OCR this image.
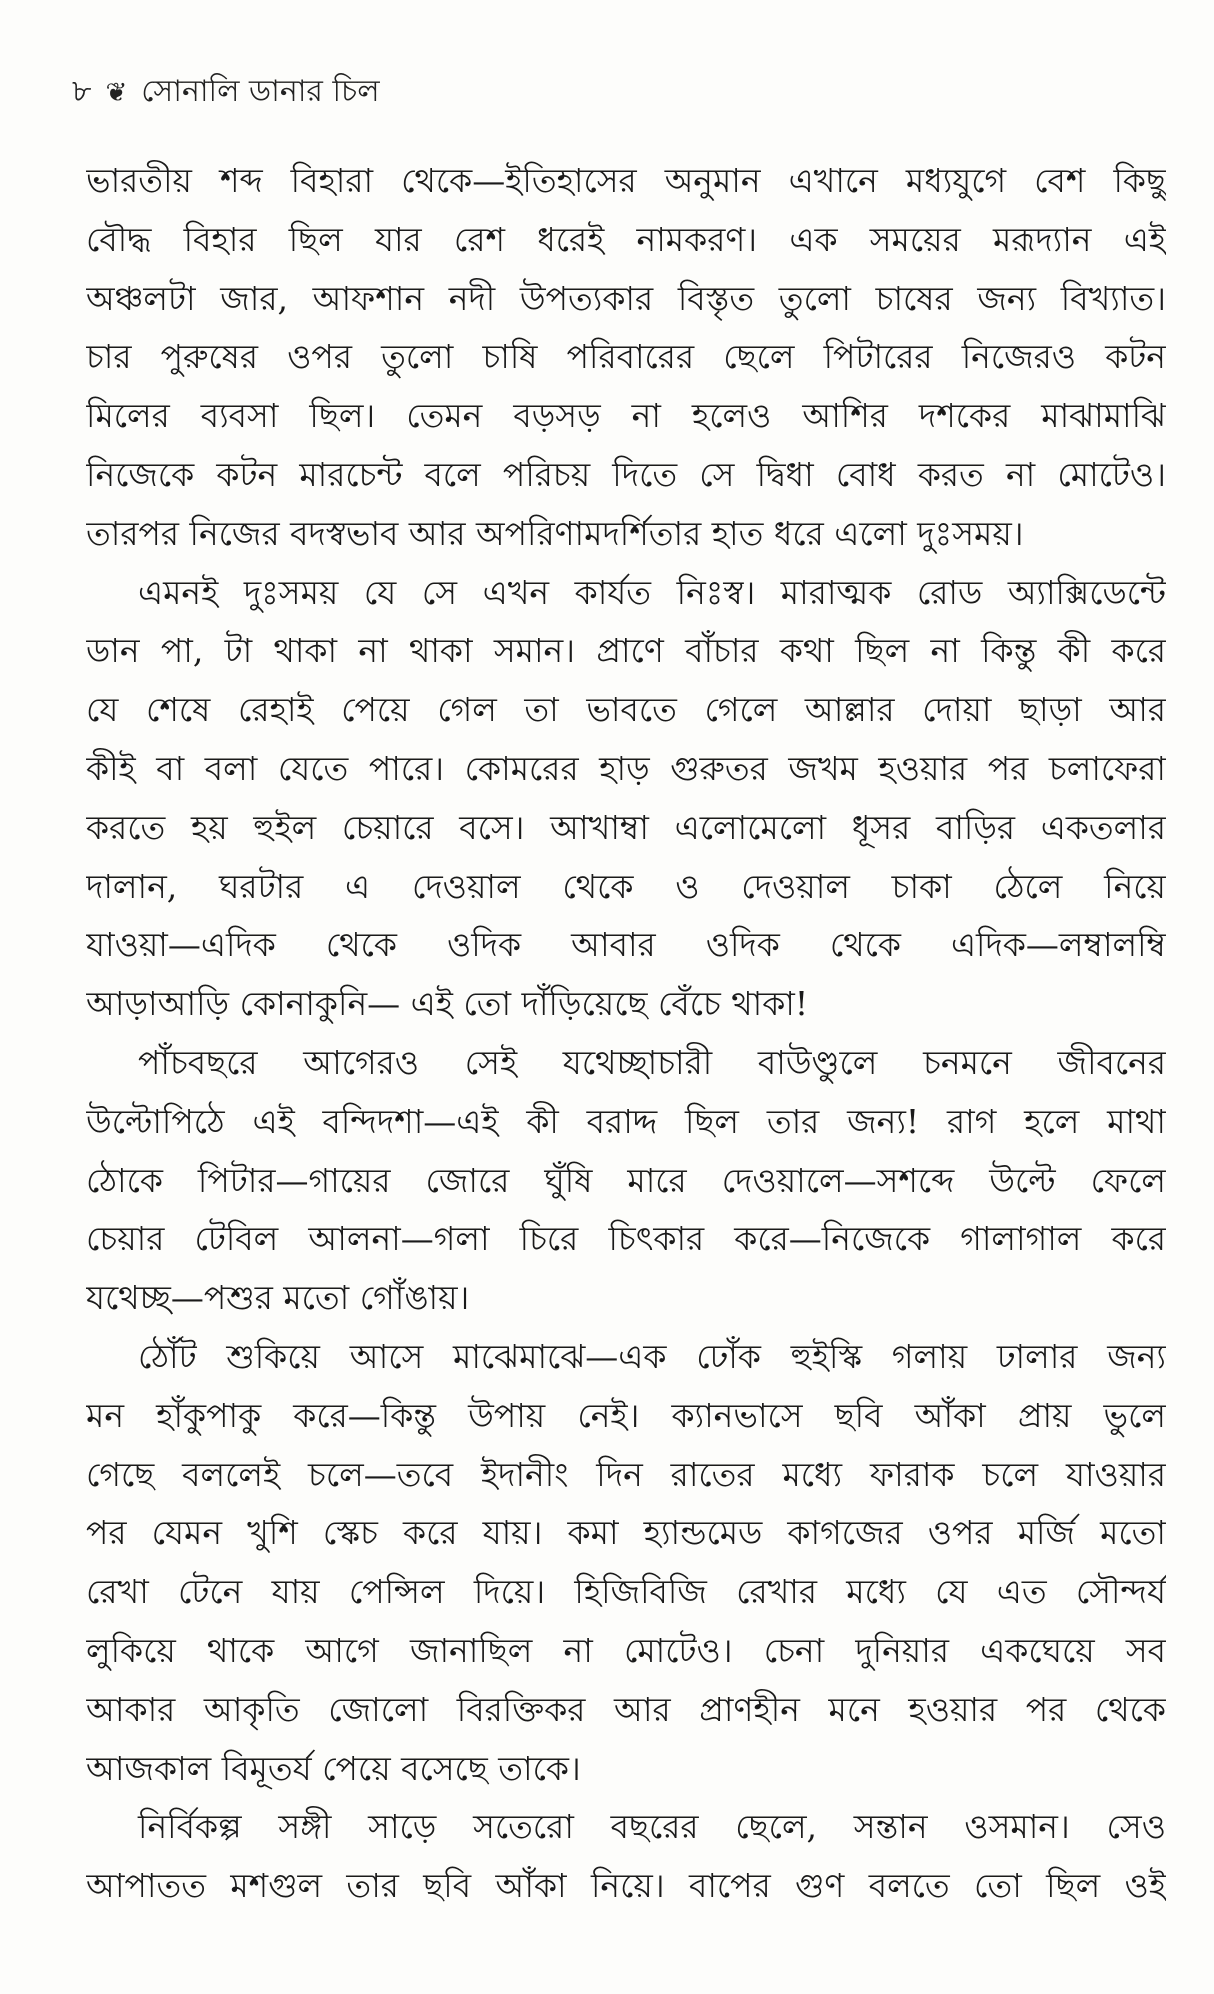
৮ ❦ সোনালি ডানার চিল

ভারতীয় শব্দ বিহারা থেকে—ইতিহাসের অনুমান এখানে মধ্যযুগে বেশ কিছু
বৌদ্ধ বিহার ছিল যার রেশ ধরেই নামকরণ। এক সময়ের মরূদ্যান এই
অঞ্চলটা জার, আফশান নদী উপত্যকার বিস্তৃত তুলো চাষের জন্য বিখ্যাত।
চার পুরুষের ওপর তুলো চাষি পরিবারের ছেলে পিটারের নিজেরও কটন
মিলের ব্যবসা ছিল। তেমন বড়সড় না হলেও আশির দশকের মাঝামাঝি
নিজেকে কটন মারচেন্ট বলে পরিচয় দিতে সে দ্বিধা বোধ করত না মোটেও।
তারপর নিজের বদস্বভাব আর অপরিণামদর্শিতার হাত ধরে এলো দুঃসময়।

এমনই দুঃসময় যে সে এখন কার্যত নিঃস্ব। মারাত্মক রোড অ্যাক্সিডেন্টে
ডান পা, টা থাকা না থাকা সমান। প্রাণে বাঁচার কথা ছিল না কিন্তু কী করে
যে শেষে রেহাই পেয়ে গেল তা ভাবতে গেলে আল্লার দোয়া ছাড়া আর
কীই বা বলা যেতে পারে। কোমরের হাড় গুরুতর জখম হওয়ার পর চলাফেরা
করতে হয় হুইল চেয়ারে বসে। আখাম্বা এলোমেলো ধূসর বাড়ির একতলার
দালান, ঘরটার এ দেওয়াল থেকে ও দেওয়াল চাকা ঠেলে নিয়ে
যাওয়া—এদিক থেকে ওদিক আবার ওদিক থেকে এদিক—লম্বালম্বি
আড়াআড়ি কোনাকুনি— এই তো দাঁড়িয়েছে বেঁচে থাকা!

পাঁচবছরে আগেরও সেই যথেচ্ছাচারী বাউণ্ডুলে চনমনে জীবনের
উল্টোপিঠে এই বন্দিদশা—এই কী বরাদ্দ ছিল তার জন্য! রাগ হলে মাথা
ঠোকে পিটার—গায়ের জোরে ঘুঁষি মারে দেওয়ালে—সশব্দে উল্টে ফেলে
চেয়ার টেবিল আলনা—গলা চিরে চিৎকার করে—নিজেকে গালাগাল করে
যথেচ্ছ—পশুর মতো গোঁঙায়।

ঠোঁট শুকিয়ে আসে মাঝেমাঝে—এক ঢোঁক হুইস্কি গলায় ঢালার জন্য
মন হাঁকুপাকু করে—কিন্তু উপায় নেই। ক্যানভাসে ছবি আঁকা প্রায় ভুলে
গেছে বললেই চলে—তবে ইদানীং দিন রাতের মধ্যে ফারাক চলে যাওয়ার
পর যেমন খুশি স্কেচ করে যায়। কমা হ্যান্ডমেড কাগজের ওপর মর্জি মতো
রেখা টেনে যায় পেন্সিল দিয়ে। হিজিবিজি রেখার মধ্যে যে এত সৌন্দর্য
লুকিয়ে থাকে আগে জানাছিল না মোটেও। চেনা দুনিয়ার একঘেয়ে সব
আকার আকৃতি জোলো বিরক্তিকর আর প্রাণহীন মনে হওয়ার পর থেকে
আজকাল বিমূতর্য পেয়ে বসেছে তাকে।

নির্বিকল্প সঙ্গী সাড়ে সতেরো বছরের ছেলে, সন্তান ওসমান। সেও
আপাতত মশগুল তার ছবি আঁকা নিয়ে। বাপের গুণ বলতে তো ছিল ওই
